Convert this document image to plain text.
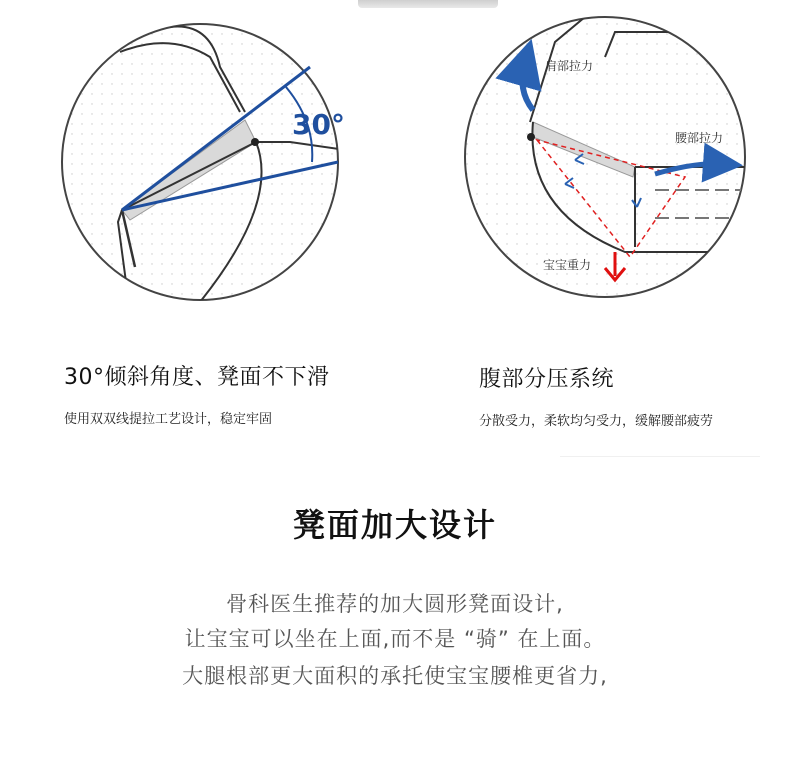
30°
肩部拉力
腰部拉力
宝宝重力
30°倾斜角度、凳面不下滑
使用双双线提拉工艺设计，稳定牢固
腹部分压系统
分散受力，柔软均匀受力，缓解腰部疲劳
凳面加大设计
骨科医生推荐的加大圆形凳面设计,
让宝宝可以坐在上面,而不是 “骑” 在上面。
大腿根部更大面积的承托使宝宝腰椎更省力,
